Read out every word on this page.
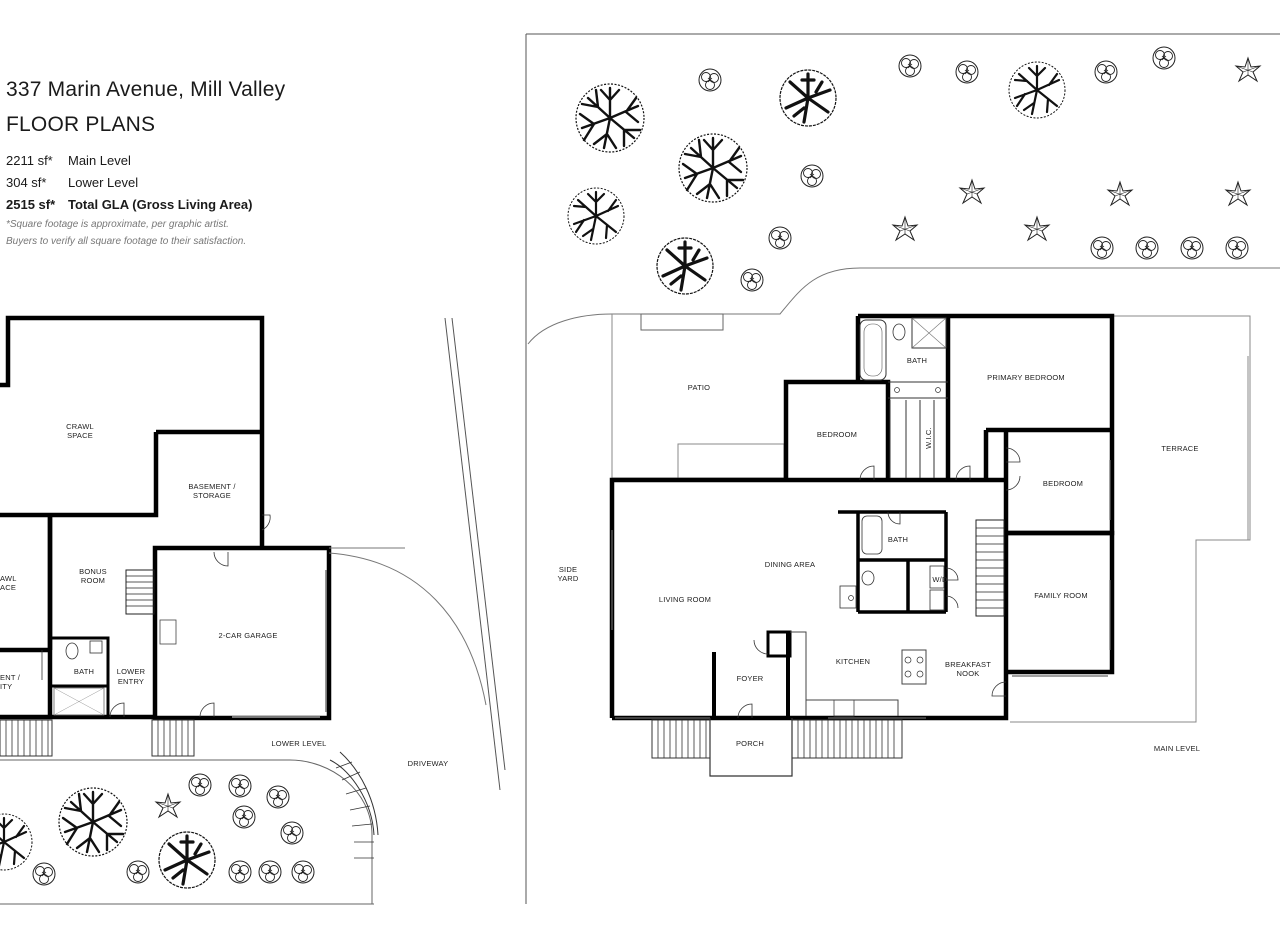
337 Marin Avenue, Mill Valley
FLOOR PLANS
2211 sf*	Main Level
304 sf*	Lower Level
2515 sf* Total GLA (Gross Living Area)
*Square footage is approximate, per graphic artist.
Buyers to verify all square footage to their satisfaction.
CRAWL
SPACE
BASEMENT /
STORAGE
BONUS
ROOM
AWL
ACE
2-CAR GARAGE
BATH	LOWER
ENTRY
ENT /
ITY
LOWER LEVEL
DRIVEWAY
PATIO
BATH
PRIMARY BEDROOM
BEDROOM	W.I.C.	TERRACE
BEDROOM
SIDE
YARD
BATH
DINING AREA
W/D
LIVING ROOM	FAMILY ROOM
KITCHEN	BREAKFAST
NOOK
FOYER
PORCH
MAIN LEVEL
